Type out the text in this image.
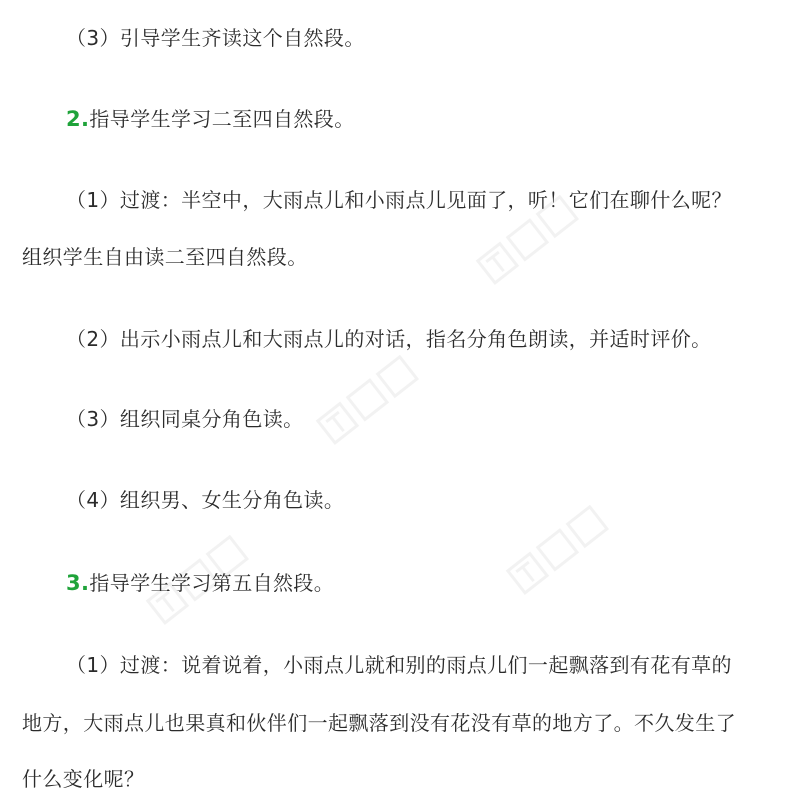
（3）引导学生齐读这个自然段。
2.指导学生学习二至四自然段。
（1）过渡：半空中，大雨点儿和小雨点儿见面了，听！它们在聊什么呢？
组织学生自由读二至四自然段。
（2）出示小雨点儿和大雨点儿的对话，指名分角色朗读，并适时评价。
（3）组织同桌分角色读。
（4）组织男、女生分角色读。
3.指导学生学习第五自然段。
（1）过渡：说着说着，小雨点儿就和别的雨点儿们一起飘落到有花有草的
地方，大雨点儿也果真和伙伴们一起飘落到没有花没有草的地方了。不久发生了
什么变化呢？
